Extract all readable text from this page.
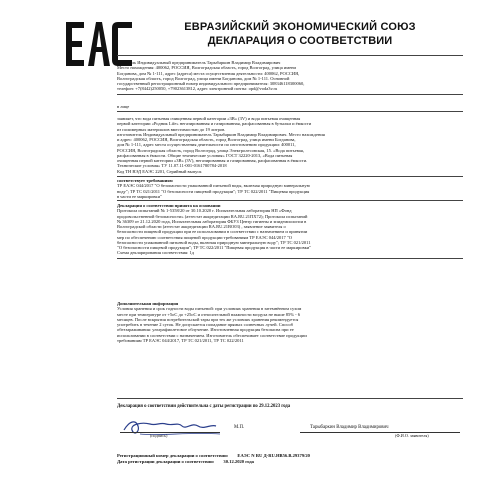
ЕВРАЗИЙСКИЙ ЭКОНОМИЧЕСКИЙ СОЮЗ
ДЕКЛАРАЦИЯ О СООТВЕТСТВИИ
Заявитель Индивидуальный предприниматель Тарыбаркин Владимир Владимирович
Место нахождения: 400062, РОССИЯ, Волгоградская область, город Волгоград, улица имени
Богданова, дом № 1-111, адрес (адреса) места осуществления деятельности: 400062, РОССИЯ,
Волгоградская область, город Волгоград, улица имени Богданова, дом № 1-111. Основной
государственный регистрационный номер индивидуального предпринимателя: 308346118300060,
телефон: +7(8442)250050, +79023613812, адрес электронной почты: opd@voda3v.ru
в лице
заявляет, что вода питьевая очищенная первой категории «3В» (3V) и вода питьевая очищенная
первой категории «Родник Life» негазированная и газированная, расфасованная в бутылки и ёмкости
из полимерных материалов вместимостью до 19 литров.
изготовитель Индивидуальный предприниматель Тарыбаркин Владимир Владимирович. Место нахождения
и адрес: 400062, РОССИЯ, Волгоградская область, город Волгоград, улица имени Богданова,
дом № 1-111, адрес места осуществления деятельности по изготовлению продукции: 400011,
РОССИЯ, Волгоградская область, город Волгоград, улица Электролесовская, 15. «Вода питьевая,
расфасованная в ёмкости. Общие технические условия» ГОСТ 32220-2013, «Вода питьевая
очищенная первой категории «3В» (3V), негазированная и газированная, расфасованная в ёмкости.
Технические условия» ТУ 11.07.11-001-0161780784-2018
Код ТН ВЭД ЕАЭС 2201, Серийный выпуск
соответствует требованиям
ТР ЕАЭС 044/2017 "О безопасности упакованной питьевой воды, включая природную минеральную
воду"; ТР ТС 021/2011 "О безопасности пищевой продукции"; ТР ТС 022/2011 "Пищевая продукция
в части ее маркировки"
Декларация о соответствии принята на основании
Протокола испытаний № 1-5358/20 от 30.10.2020 г. Испытательная лаборатория НП «Фонд
продовольственной безопасности» (аттестат аккредитации RA.RU.21ПХ72); Протокола испытаний
№ 36309 от 21.12.2020 года, Испытательная лаборатория ФБУЗ Центр гигиены и эпидемиологии в
Волгоградской области (аттестат аккредитации RA.RU.21ВО03) , заявление заявителя о
безопасности пищевой продукции при ее использовании в соответствии с назначением и принятии
мер по обеспечению соответствия пищевой продукции требованиям ТР ЕАЭС 044/2017 "О
безопасности упакованной питьевой воды, включая природную минеральную воду"; ТР ТС 021/2011
"О безопасности пищевой продукции"; ТР ТС 022/2011 "Пищевая продукция в части ее маркировки"
Схема декларирования соответствия: 1д
Дополнительная информация
Условия хранения и срок годности воды питьевой: при условиях хранения в затемнённом сухом
месте при температуре от +5оС до +25оС и относительной влажности воздуха не выше 85% - 6
месяцев. После вскрытия потребительской тары при тех же условиях хранения рекомендуется
употребить в течение 2 суток. Не допускается попадание прямых солнечных лучей. Способ
обеззараживания: ультрафиолетовое облучение. Изготовленная продукция безопасна при ее
использовании в соответствии с назначением. Изготовитель обеспечивает соответствие продукции
требованиям ТР ЕАЭС 044/2017, ТР ТС 021/2011, ТР ТС 022/2011
Декларация о соответствии действительна с даты регистрации по 29.12.2023 года
М.П.	Тарыбаркин Владимир Владимирович
(подпись)	(Ф.И.О. заявителя)
Регистрационный номер декларации о соответствии: ЕАЭС N RU Д-RU.НВ56.В.29379/20
Дата регистрации декларации о соответствии: 30.12.2020 года
